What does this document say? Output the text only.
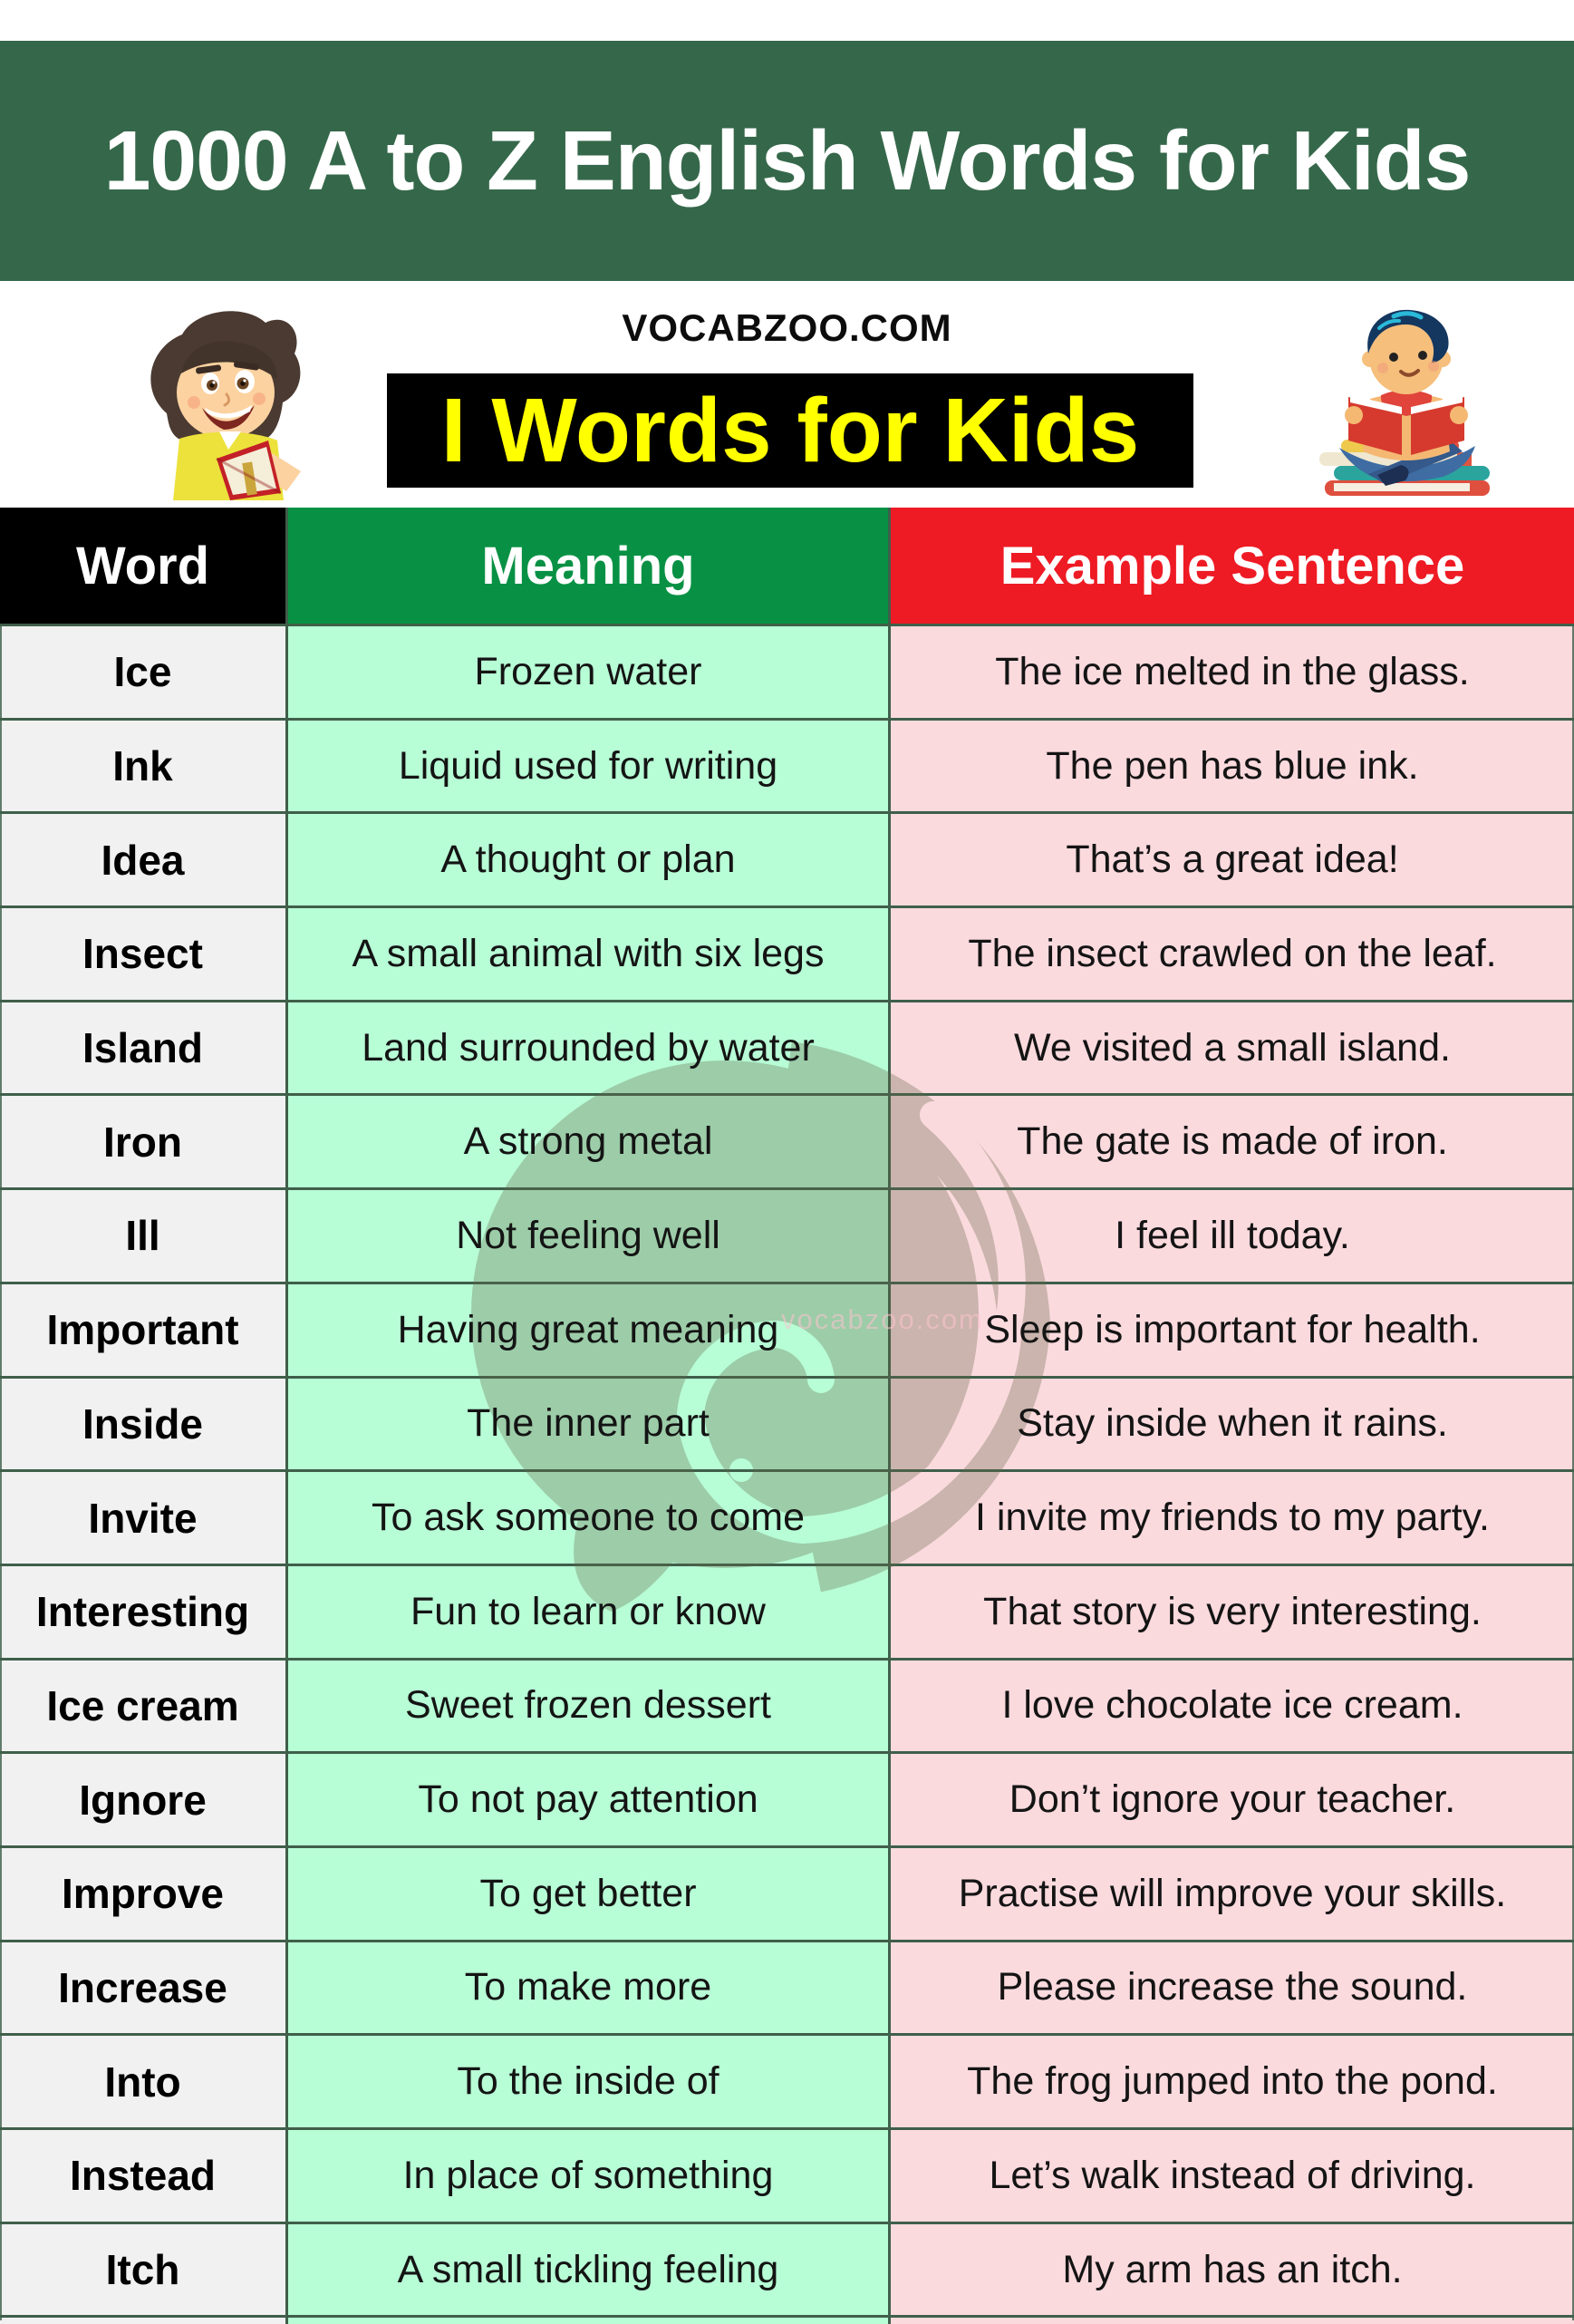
1000 A to Z English Words for Kids
VOCABZOO.COM
I Words for Kids
Word	Meaning	Example Sentence
Ice	Frozen water	The ice melted in the glass.
Ink	Liquid used for writing	The pen has blue ink.
Idea	A thought or plan	That’s a great idea!
Insect	A small animal with six legs	The insect crawled on the leaf.
Island	Land surrounded by water	We visited a small island.
Iron	A strong metal	The gate is made of iron.
Ill	Not feeling well	I feel ill today.
Important	Having great meaning	Sleep is important for health.
Inside	The inner part	Stay inside when it rains.
Invite	To ask someone to come	I invite my friends to my party.
Interesting	Fun to learn or know	That story is very interesting.
Ice cream	Sweet frozen dessert	I love chocolate ice cream.
Ignore	To not pay attention	Don’t ignore your teacher.
Improve	To get better	Practise will improve your skills.
Increase	To make more	Please increase the sound.
Into	To the inside of	The frog jumped into the pond.
Instead	In place of something	Let’s walk instead of driving.
Itch	A small tickling feeling	My arm has an itch.
vocabzoo.com
